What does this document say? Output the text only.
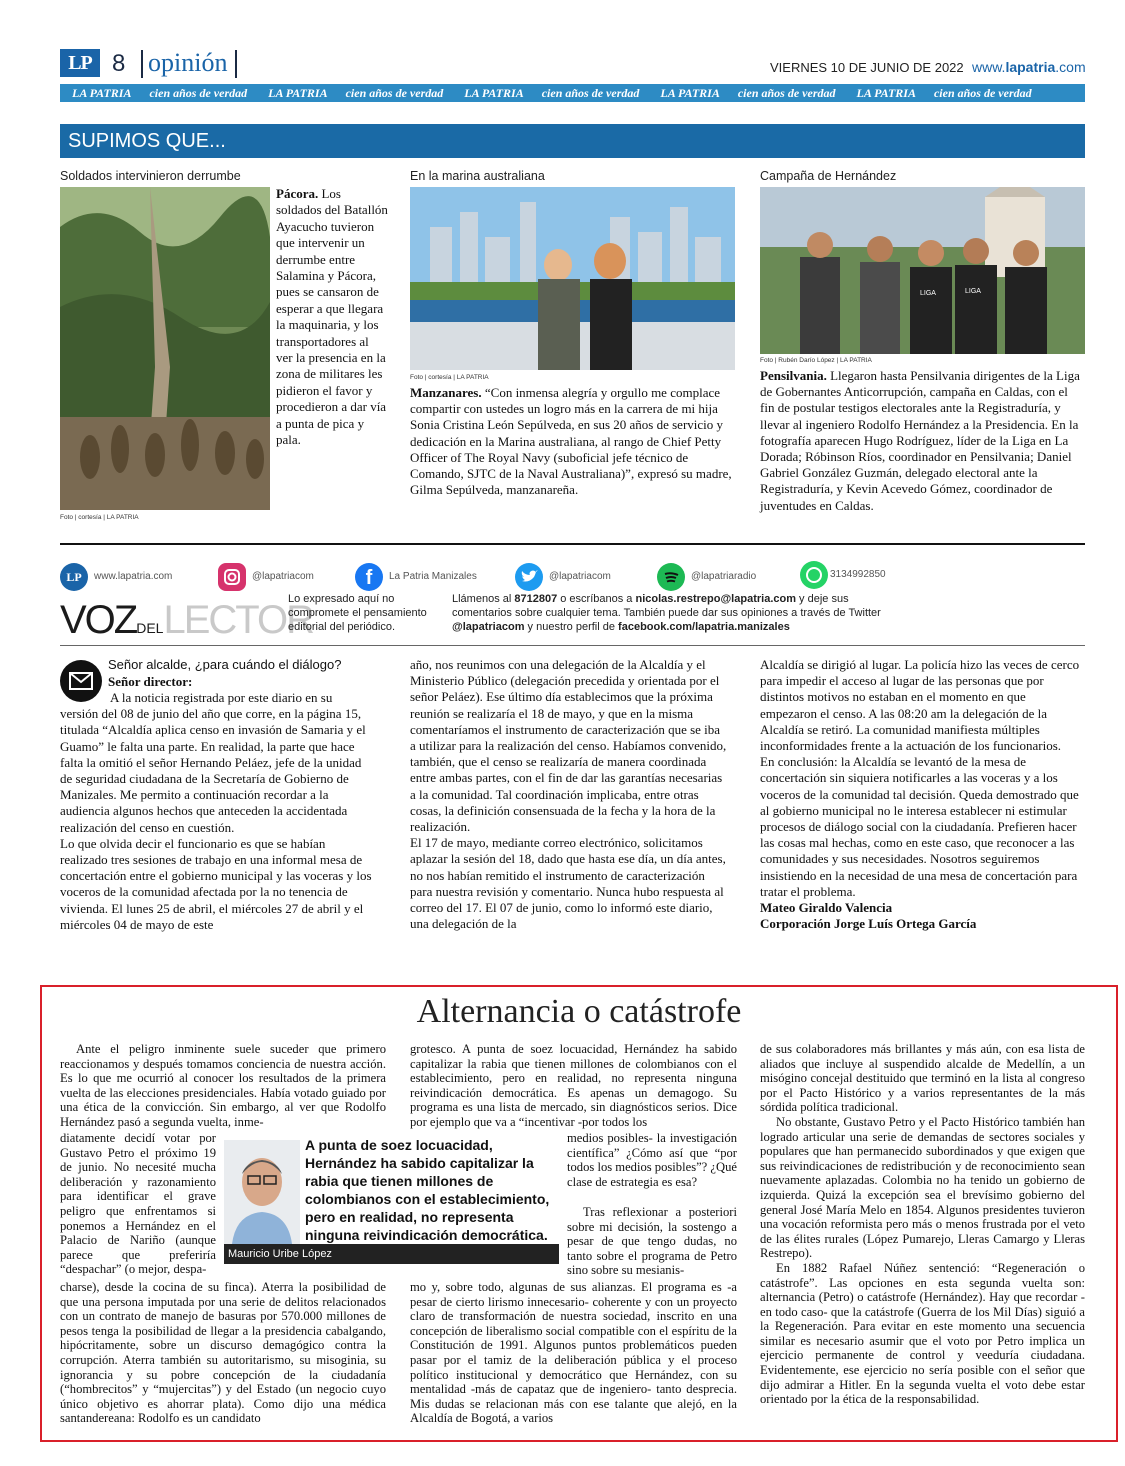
LP 8 opinión	VIERNES 10 DE JUNIO DE 2022 www.lapatria.com
LA PATRIA cien años de verdad LA PATRIA cien años de verdad LA PATRIA cien años de verdad LA PATRIA cien años de verdad LA PATRIA cien años de verdad
SUPIMOS QUE...
Soldados intervinieron derrumbe
Foto | cortesía | LA PATRIA
Pácora. Los soldados del Batallón Ayacucho tuvieron que intervenir un derrumbe entre Salamina y Pácora, pues se cansaron de esperar a que llegara la maquinaria, y los transportadores al ver la presencia en la zona de militares les pidieron el favor y procedieron a dar vía a punta de pica y pala.
En la marina australiana
Foto | cortesía | LA PATRIA
Manzanares. “Con inmensa alegría y orgullo me complace compartir con ustedes un logro más en la carrera de mi hija Sonia Cristina León Sepúlveda, en sus 20 años de servicio y dedicación en la Marina australiana, al rango de Chief Petty Officer of The Royal Navy (suboficial jefe técnico de Comando, SJTC de la Naval Australiana)”, expresó su madre, Gilma Sepúlveda, manzanareña.
Campaña de Hernández
LIGA	LIGA
Foto | Rubén Darío López | LA PATRIA
Pensilvania. Llegaron hasta Pensilvania dirigentes de la Liga de Gobernantes Anticorrupción, campaña en Caldas, con el fin de postular testigos electorales ante la Registraduría, y llevar al ingeniero Rodolfo Hernández a la Presidencia. En la fotografía aparecen Hugo Rodríguez, líder de la Liga en La Dorada; Róbinson Ríos, coordinador en Pensilvania; Daniel Gabriel González Guzmán, delegado electoral ante la Registraduría, y Kevin Acevedo Gómez, coordinador de juventudes en Caldas.
LP	www.lapatria.com	@lapatriacom	f	La Patria Manizales	@lapatriacom	@lapatriaradio	3134992850
VOZDELLECTOR
Lo expresado aquí no compromete el pensamiento editorial del periódico.
Llámenos al 8712807 o escríbanos a nicolas.restrepo@lapatria.com y deje sus comentarios sobre cualquier tema. También puede dar sus opiniones a través de Twitter @lapatriacom y nuestro perfil de facebook.com/lapatria.manizales
Señor alcalde, ¿para cuándo el diálogo?
Señor director:

A la noticia registrada por este diario en su versión del 08 de junio del año que corre, en la página 15, titulada “Alcaldía aplica censo en invasión de Samaria y el Guamo” le falta una parte. En realidad, la parte que hace falta la omitió el señor Hernando Peláez, jefe de la unidad de seguridad ciudadana de la Secretaría de Gobierno de Manizales. Me permito a continuación recordar a la audiencia algunos hechos que anteceden la accidentada realización del censo en cuestión.

Lo que olvida decir el funcionario es que se habían realizado tres sesiones de trabajo en una informal mesa de concertación entre el gobierno municipal y las voceras y los voceros de la comunidad afectada por la no tenencia de vivienda. El lunes 25 de abril, el miércoles 27 de abril y el miércoles 04 de mayo de este

año, nos reunimos con una delegación de la Alcaldía y el Ministerio Público (delegación precedida y orientada por el señor Peláez). Ese último día establecimos que la próxima reunión se realizaría el 18 de mayo, y que en la misma comentaríamos el instrumento de caracterización que se iba a utilizar para la realización del censo. Habíamos convenido, también, que el censo se realizaría de manera coordinada entre ambas partes, con el fin de dar las garantías necesarias a la comunidad. Tal coordinación implicaba, entre otras cosas, la definición consensuada de la fecha y la hora de la realización.

El 17 de mayo, mediante correo electrónico, solicitamos aplazar la sesión del 18, dado que hasta ese día, un día antes, no nos habían remitido el instrumento de caracterización para nuestra revisión y comentario. Nunca hubo respuesta al correo del 17. El 07 de junio, como lo informó este diario, una delegación de la

Alcaldía se dirigió al lugar. La policía hizo las veces de cerco para impedir el acceso al lugar de las personas que por distintos motivos no estaban en el momento en que empezaron el censo. A las 08:20 am la delegación de la Alcaldía se retiró. La comunidad manifiesta múltiples inconformidades frente a la actuación de los funcionarios.

En conclusión: la Alcaldía se levantó de la mesa de concertación sin siquiera notificarles a las voceras y a los voceros de la comunidad tal decisión. Queda demostrado que al gobierno municipal no le interesa establecer ni estimular procesos de diálogo social con la ciudadanía. Prefieren hacer las cosas mal hechas, como en este caso, que reconocer a las comunidades y sus necesidades. Nosotros seguiremos insistiendo en la necesidad de una mesa de concertación para tratar el problema.

Mateo Giraldo Valencia

Corporación Jorge Luís Ortega García

Alternancia o catástrofe
Ante el peligro inminente suele suceder que primero reaccionamos y después tomamos conciencia de nuestra acción. Es lo que me ocurrió al conocer los resultados de la primera vuelta de las elecciones presidenciales. Había votado guiado por una ética de la convicción. Sin embargo, al ver que Rodolfo Hernández pasó a segunda vuelta, inme-
diatamente decidí votar por Gustavo Petro el próximo 19 de junio. No necesité mucha deliberación y razonamiento para identificar el grave peligro que enfrentamos si ponemos a Hernández en el Palacio de Nariño (aunque parece que preferiría “despachar” (o mejor, despa-
charse), desde la cocina de su finca). Aterra la posibilidad de que una persona imputada por una serie de delitos relacionados con un contrato de manejo de basuras por 570.000 millones de pesos tenga la posibilidad de llegar a la presidencia cabalgando, hipócritamente, sobre un discurso demagógico contra la corrupción. Aterra también su autoritarismo, su misoginia, su ignorancia y su pobre concepción de la ciudadanía (“hombrecitos” y “mujercitas”) y del Estado (un negocio cuyo único objetivo es ahorrar plata). Como dijo una médica santandereana: Rodolfo es un candidato
grotesco. A punta de soez locuacidad, Hernández ha sabido capitalizar la rabia que tienen millones de colombianos con el establecimiento, pero en realidad, no representa ninguna reivindicación democrática. Es apenas un demagogo. Su programa es una lista de mercado, sin diagnósticos serios. Dice por ejemplo que va a “incentivar -por todos los
medios posibles- la investigación científica” ¿Cómo así que “por todos los medios posibles”? ¿Qué clase de estrategia es esa?
Tras reflexionar a posteriori sobre mi decisión, la sostengo a pesar de que tengo dudas, no tanto sobre el programa de Petro sino sobre su mesianis-
mo y, sobre todo, algunas de sus alianzas. El programa es -a pesar de cierto lirismo innecesario- coherente y con un proyecto claro de transformación de nuestra sociedad, inscrito en una concepción de liberalismo social compatible con el espíritu de la Constitución de 1991. Algunos puntos problemáticos pueden pasar por el tamiz de la deliberación pública y el proceso político institucional y democrático que Hernández, con su mentalidad -más de capataz que de ingeniero- tanto desprecia. Mis dudas se relacionan más con ese talante que alejó, en la Alcaldía de Bogotá, a varios

de sus colaboradores más brillantes y más aún, con esa lista de aliados que incluye al suspendido alcalde de Medellín, a un misógino concejal destituido que terminó en la lista al congreso por el Pacto Histórico y a varios representantes de la más sórdida política tradicional.

No obstante, Gustavo Petro y el Pacto Histórico también han logrado articular una serie de demandas de sectores sociales y populares que han permanecido subordinados y que exigen que sus reivindicaciones de redistribución y de reconocimiento sean nuevamente aplazadas. Colombia no ha tenido un gobierno de izquierda. Quizá la excepción sea el brevísimo gobierno del general José María Melo en 1854. Algunos presidentes tuvieron una vocación reformista pero más o menos frustrada por el veto de las élites rurales (López Pumarejo, Lleras Camargo y Lleras Restrepo).

En 1882 Rafael Núñez sentenció: “Regeneración o catástrofe”. Las opciones en esta segunda vuelta son: alternancia (Petro) o catástrofe (Hernández). Hay que recordar -en todo caso- que la catástrofe (Guerra de los Mil Días) siguió a la Regeneración. Para evitar en este momento una secuencia similar es necesario asumir que el voto por Petro implica un ejercicio permanente de control y veeduría ciudadana. Evidentemente, ese ejercicio no sería posible con el señor que dijo admirar a Hitler. En la segunda vuelta el voto debe estar orientado por la ética de la responsabilidad.

A punta de soez locuacidad, Hernández ha sabido capitalizar la rabia que tienen millones de colombianos con el establecimiento, pero en realidad, no representa ninguna reivindicación democrática.
Mauricio Uribe López
